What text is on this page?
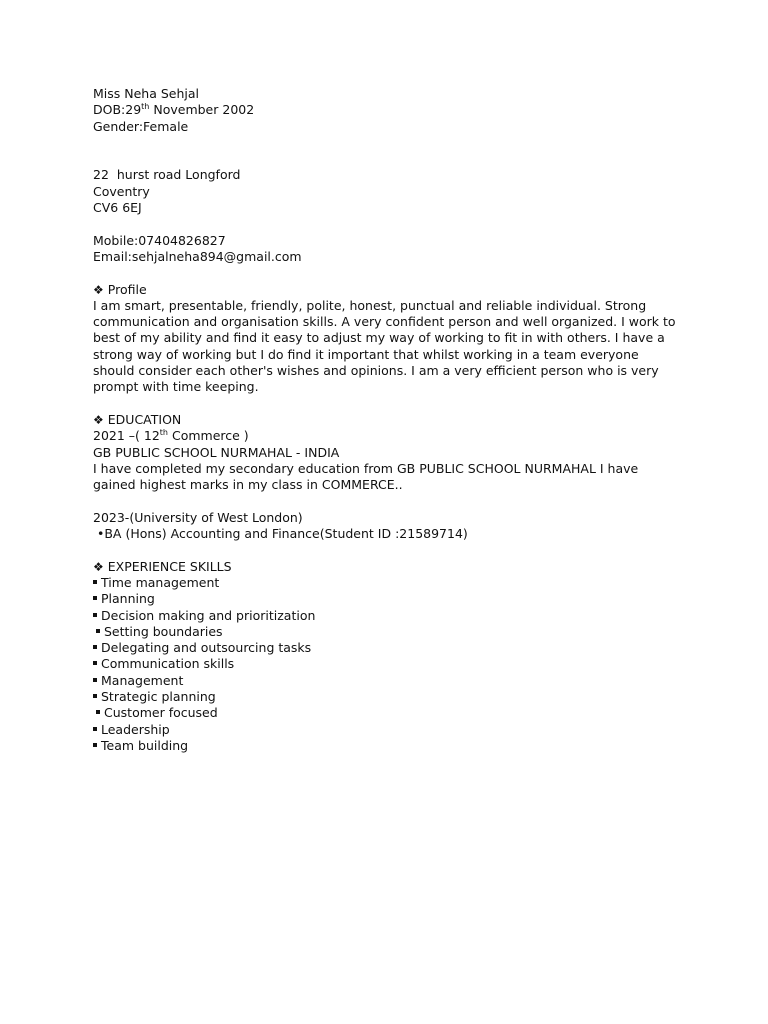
Miss Neha Sehjal
DOB:29th November 2002
Gender:Female
22  hurst road Longford
Coventry
CV6 6EJ
Mobile:07404826827
Email:sehjalneha894@gmail.com
❖ Profile
I am smart, presentable, friendly, polite, honest, punctual and reliable individual. Strong communication and organisation skills. A very confident person and well organized. I work to best of my ability and find it easy to adjust my way of working to fit in with others. I have a strong way of working but I do find it important that whilst working in a team everyone should consider each other's wishes and opinions. I am a very efficient person who is very prompt with time keeping.
❖ EDUCATION
2021 –( 12th Commerce )
GB PUBLIC SCHOOL NURMAHAL - INDIA
I have completed my secondary education from GB PUBLIC SCHOOL NURMAHAL I have gained highest marks in my class in COMMERCE..
2023-(University of West London)
•BA (Hons) Accounting and Finance(Student ID :21589714)
❖ EXPERIENCE SKILLS
Time management
Planning
Decision making and prioritization
Setting boundaries
Delegating and outsourcing tasks
Communication skills
Management
Strategic planning
Customer focused
Leadership
Team building
